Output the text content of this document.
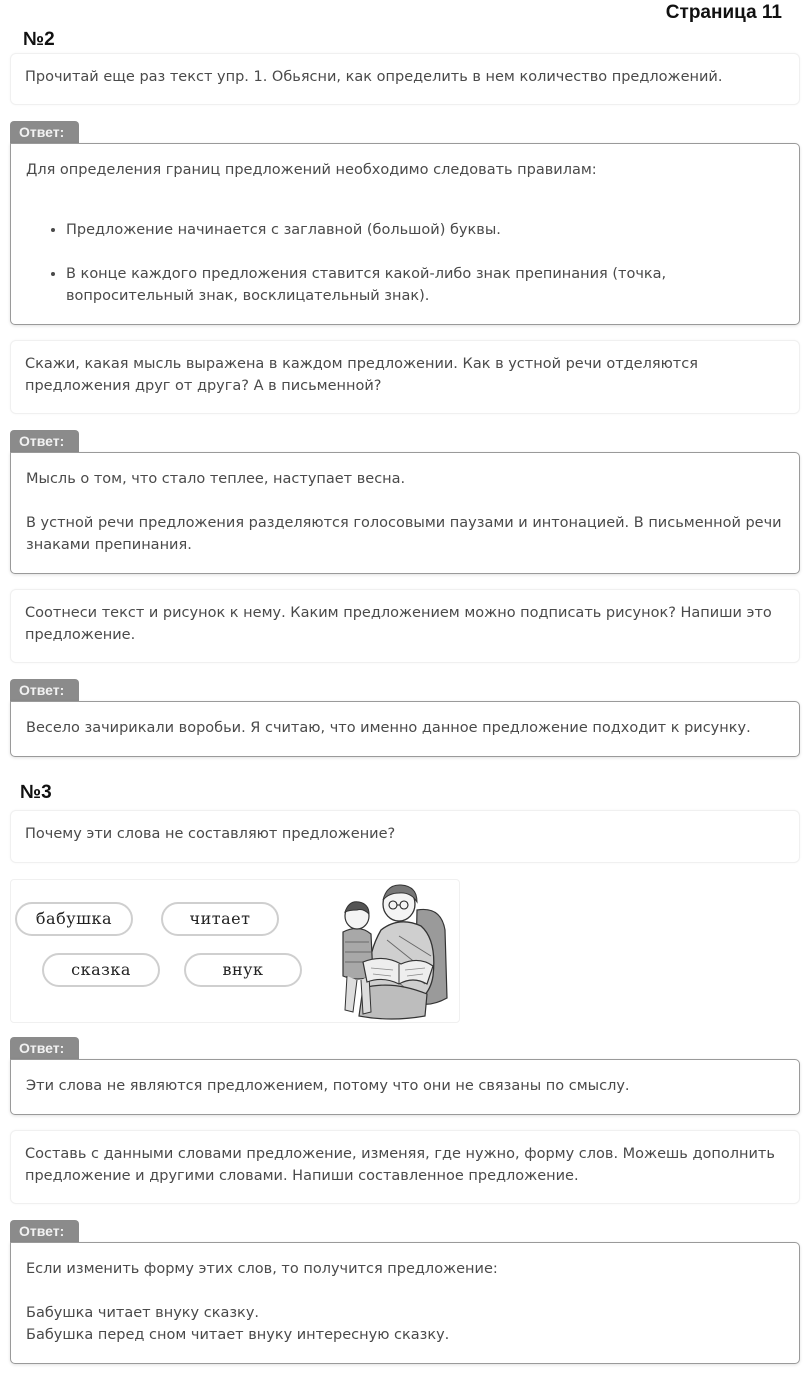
Страница 11
№2
Прочитай еще раз текст упр. 1. Обьясни, как определить в нем количество предложений.
Ответ:

Для определения границ предложений необходимо следовать правилам:

• Предложение начинается с заглавной (большой) буквы.
• В конце каждого предложения ставится какой-либо знак препинания (точка, вопросительный знак, восклицательный знак).
Скажи, какая мысль выражена в каждом предложении. Как в устной речи отделяются предложения друг от друга? А в письменной?
Ответ:

Мысль о том, что стало теплее, наступает весна.

В устной речи предложения разделяются голосовыми паузами и интонацией. В письменной речи знаками препинания.

Соотнеси текст и рисунок к нему. Каким предложением можно подписать рисунок? Напиши это предложение.
Ответ:

Весело зачирикали воробьи. Я считаю, что именно данное предложение подходит к рисунку.

№3
Почему эти слова не составляют предложение?
бабушка	читает
сказка	внук
Ответ:

Эти слова не являются предложением, потому что они не связаны по смыслу.

Составь с данными словами предложение, изменяя, где нужно, форму слов. Можешь дополнить предложение и другими словами. Напиши составленное предложение.
Ответ:

Если изменить форму этих слов, то получится предложение:

Бабушка читает внуку сказку.

Бабушка перед сном читает внуку интересную сказку.
